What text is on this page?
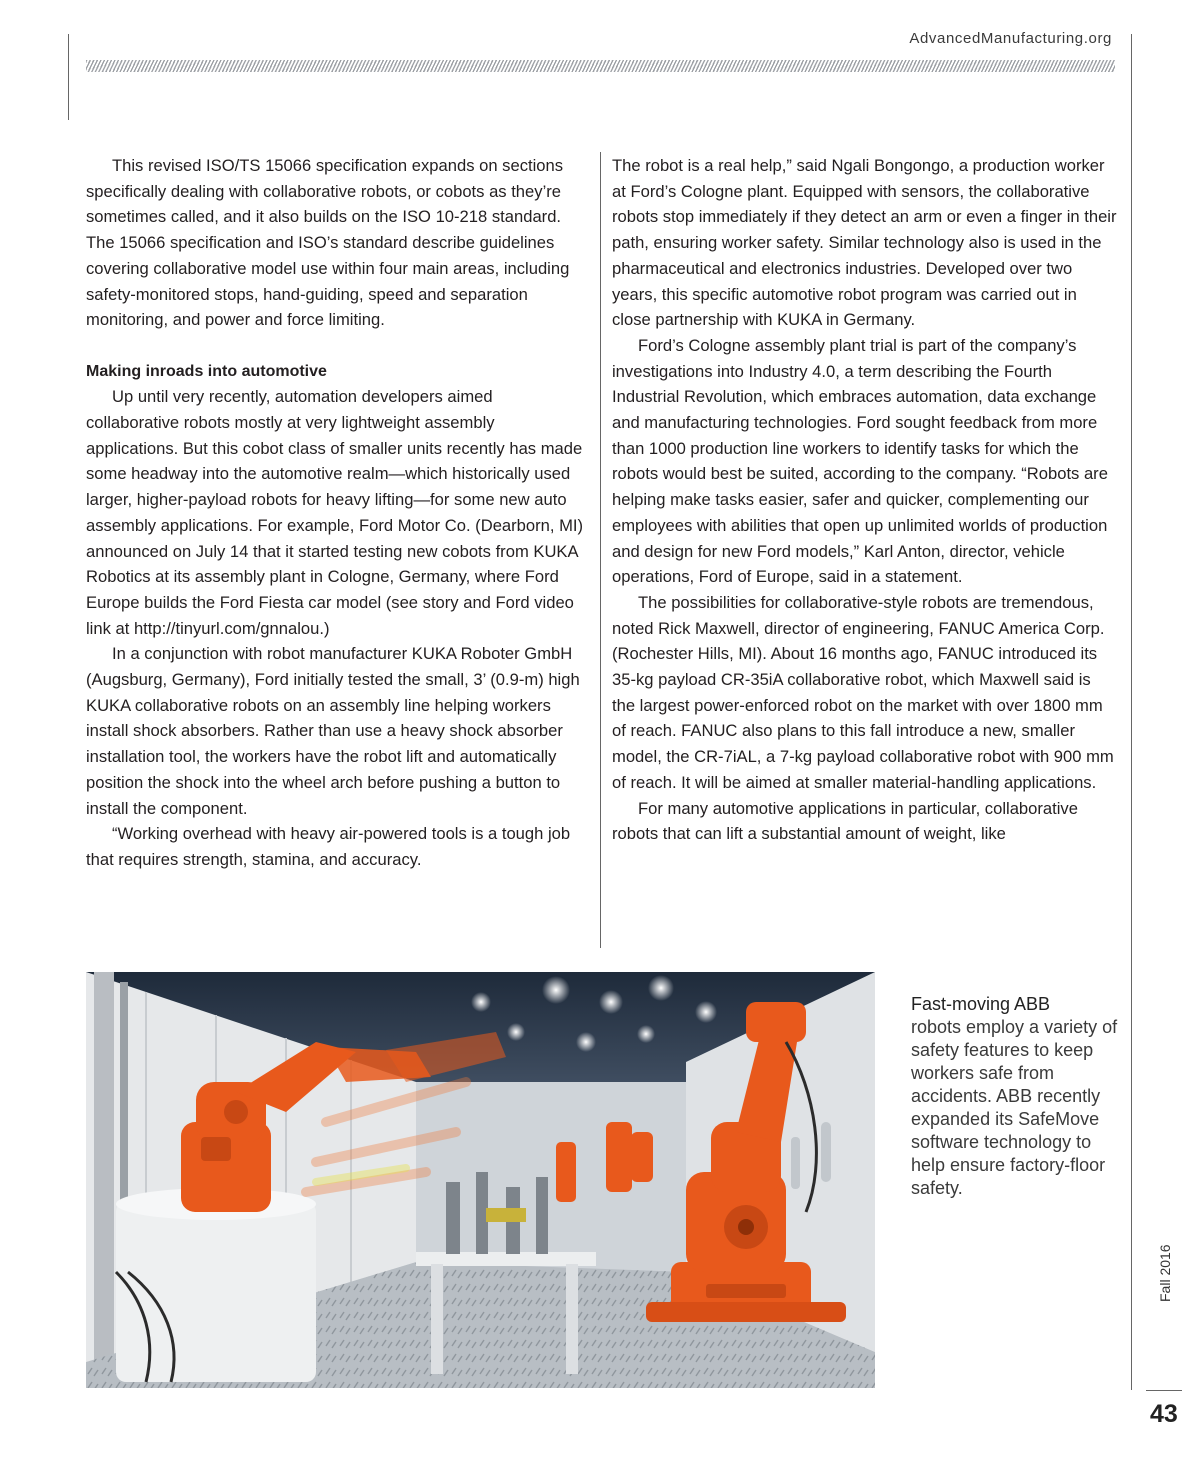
AdvancedManufacturing.org

This revised ISO/TS 15066 specification expands on sections specifically dealing with collaborative robots, or cobots as they’re sometimes called, and it also builds on the ISO 10-218 standard. The 15066 specification and ISO’s standard describe guidelines covering collaborative model use within four main areas, including safety-monitored stops, hand-guiding, speed and separation monitoring, and power and force limiting.

Making inroads into automotive

Up until very recently, automation developers aimed collaborative robots mostly at very lightweight assembly applications. But this cobot class of smaller units recently has made some headway into the automotive realm—which historically used larger, higher-payload robots for heavy lifting—for some new auto assembly applications. For example, Ford Motor Co. (Dearborn, MI) announced on July 14 that it started testing new cobots from KUKA Robotics at its assembly plant in Cologne, Germany, where Ford Europe builds the Ford Fiesta car model (see story and Ford video link at http://tinyurl.com/gnnalou.)

In a conjunction with robot manufacturer KUKA Roboter GmbH (Augsburg, Germany), Ford initially tested the small, 3’ (0.9-m) high KUKA collaborative robots on an assembly line helping workers install shock absorbers. Rather than use a heavy shock absorber installation tool, the workers have the robot lift and automatically position the shock into the wheel arch before pushing a button to install the component.

“Working overhead with heavy air-powered tools is a tough job that requires strength, stamina, and accuracy.

The robot is a real help,” said Ngali Bongongo, a production worker at Ford’s Cologne plant. Equipped with sensors, the collaborative robots stop immediately if they detect an arm or even a finger in their path, ensuring worker safety. Similar technology also is used in the pharmaceutical and electronics industries. Developed over two years, this specific automotive robot program was carried out in close partnership with KUKA in Germany.

Ford’s Cologne assembly plant trial is part of the company’s investigations into Industry 4.0, a term describing the Fourth Industrial Revolution, which embraces automation, data exchange and manufacturing technologies. Ford sought feedback from more than 1000 production line workers to identify tasks for which the robots would best be suited, according to the company. “Robots are helping make tasks easier, safer and quicker, complementing our employees with abilities that open up unlimited worlds of production and design for new Ford models,” Karl Anton, director, vehicle operations, Ford of Europe, said in a statement.

The possibilities for collaborative-style robots are tremendous, noted Rick Maxwell, director of engineering, FANUC America Corp. (Rochester Hills, MI). About 16 months ago, FANUC introduced its 35-kg payload CR-35iA collaborative robot, which Maxwell said is the largest power-enforced robot on the market with over 1800 mm of reach. FANUC also plans to this fall introduce a new, smaller model, the CR-7iAL, a 7-kg payload collaborative robot with 900 mm of reach. It will be aimed at smaller material-handling applications.

For many automotive applications in particular, collaborative robots that can lift a substantial amount of weight, like

Fast-moving ABB
robots employ a variety of safety features to keep workers safe from accidents. ABB recently expanded its SafeMove software technology to help ensure factory-floor safety.
Fall 2016
43
